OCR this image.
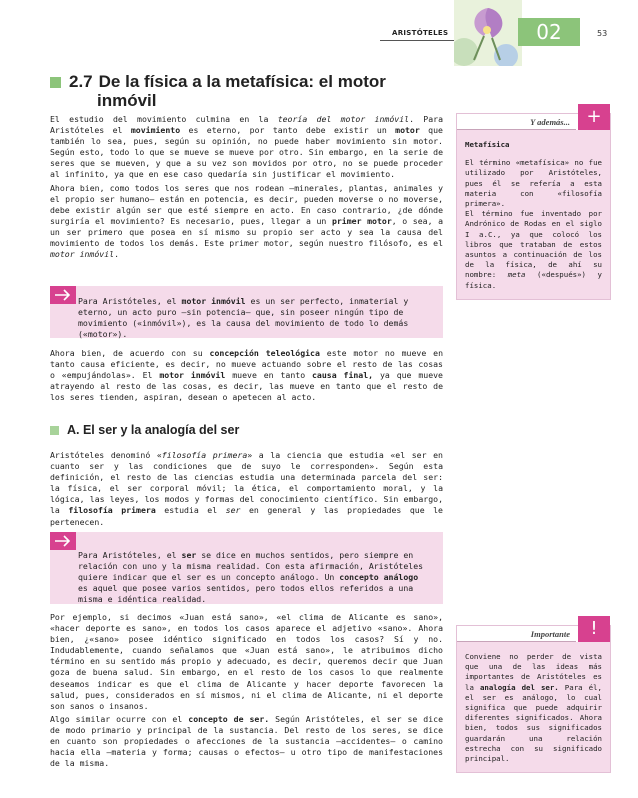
ARISTÓTELES	02	53
2.7 De la física a la metafísica: el motor
inmóvil

El estudio del movimiento culmina en la teoría del motor inmóvil. Para Aristóteles el movimiento es eterno, por tanto debe existir un motor que también lo sea, pues, según su opinión, no puede haber movimiento sin motor. Según esto, todo lo que se mueve se mueve por otro. Sin embargo, en la serie de seres que se mueven, y que a su vez son movidos por otro, no se puede proceder al infinito, ya que en ese caso quedaría sin justificar el movimiento.

Ahora bien, como todos los seres que nos rodean —minerales, plantas, animales y el propio ser humano— están en potencia, es decir, pueden moverse o no moverse, debe existir algún ser que esté siempre en acto. En caso contrario, ¿de dónde surgiría el movimiento? Es necesario, pues, llegar a un primer motor, o sea, a un ser primero que posea en sí mismo su propio ser acto y sea la causa del movimiento de todos los demás. Este primer motor, según nuestro filósofo, es el motor inmóvil.

Para Aristóteles, el motor inmóvil es un ser perfecto, inmaterial y eterno, un acto puro —sin potencia— que, sin poseer ningún tipo de movimiento («inmóvil»), es la causa del movimiento de todo lo demás («motor»).

Ahora bien, de acuerdo con su concepción teleológica este motor no mueve en tanto causa eficiente, es decir, no mueve actuando sobre el resto de las cosas o «empujándolas». El motor inmóvil mueve en tanto causa final, ya que mueve atrayendo al resto de las cosas, es decir, las mueve en tanto que el resto de los seres tienden, aspiran, desean o apetecen al acto.

A. El ser y la analogía del ser

Aristóteles denominó «filosofía primera» a la ciencia que estudia «el ser en cuanto ser y las condiciones que de suyo le corresponden». Según esta definición, el resto de las ciencias estudia una determinada parcela del ser: la física, el ser corporal móvil; la ética, el comportamiento moral, y la lógica, las leyes, los modos y formas del conocimiento científico. Sin embargo, la filosofía primera estudia el ser en general y las propiedades que le pertenecen.

Para Aristóteles, el ser se dice en muchos sentidos, pero siempre en relación con uno y la misma realidad. Con esta afirmación, Aristóteles quiere indicar que el ser es un concepto análogo. Un concepto análogo es aquel que posee varios sentidos, pero todos ellos referidos a una misma e idéntica realidad.

Por ejemplo, si decimos «Juan está sano», «el clima de Alicante es sano», «hacer deporte es sano», en todos los casos aparece el adjetivo «sano». Ahora bien, ¿«sano» posee idéntico significado en todos los casos? Sí y no. Indudablemente, cuando señalamos que «Juan está sano», le atribuimos dicho término en su sentido más propio y adecuado, es decir, queremos decir que Juan goza de buena salud. Sin embargo, en el resto de los casos lo que realmente deseamos indicar es que el clima de Alicante y hacer deporte favorecen la salud, pues, considerados en sí mismos, ni el clima de Alicante, ni el deporte son sanos o insanos.

Algo similar ocurre con el concepto de ser. Según Aristóteles, el ser se dice de modo primario y principal de la sustancia. Del resto de los seres, se dice en cuanto son propiedades o afecciones de la sustancia —accidentes— o camino hacia ella —materia y forma; causas o efectos— u otro tipo de manifestaciones de la misma.

Y además... +
Metafísica
El término «metafísica» no fue utilizado por Aristóteles, pues él se refería a esta materia con «filosofía primera».
El término fue inventado por Andrónico de Rodas en el siglo I a.C., ya que colocó los libros que trataban de estos asuntos a continuación de los de la física, de ahí su nombre: meta («después») y física.
Importante	!
Conviene no perder de vista que una de las ideas más importantes de Aristóteles es la analogía del ser. Para él, el ser es análogo, lo cual significa que puede adquirir diferentes significados. Ahora bien, todos sus significados guardarán una relación estrecha con su significado principal.
